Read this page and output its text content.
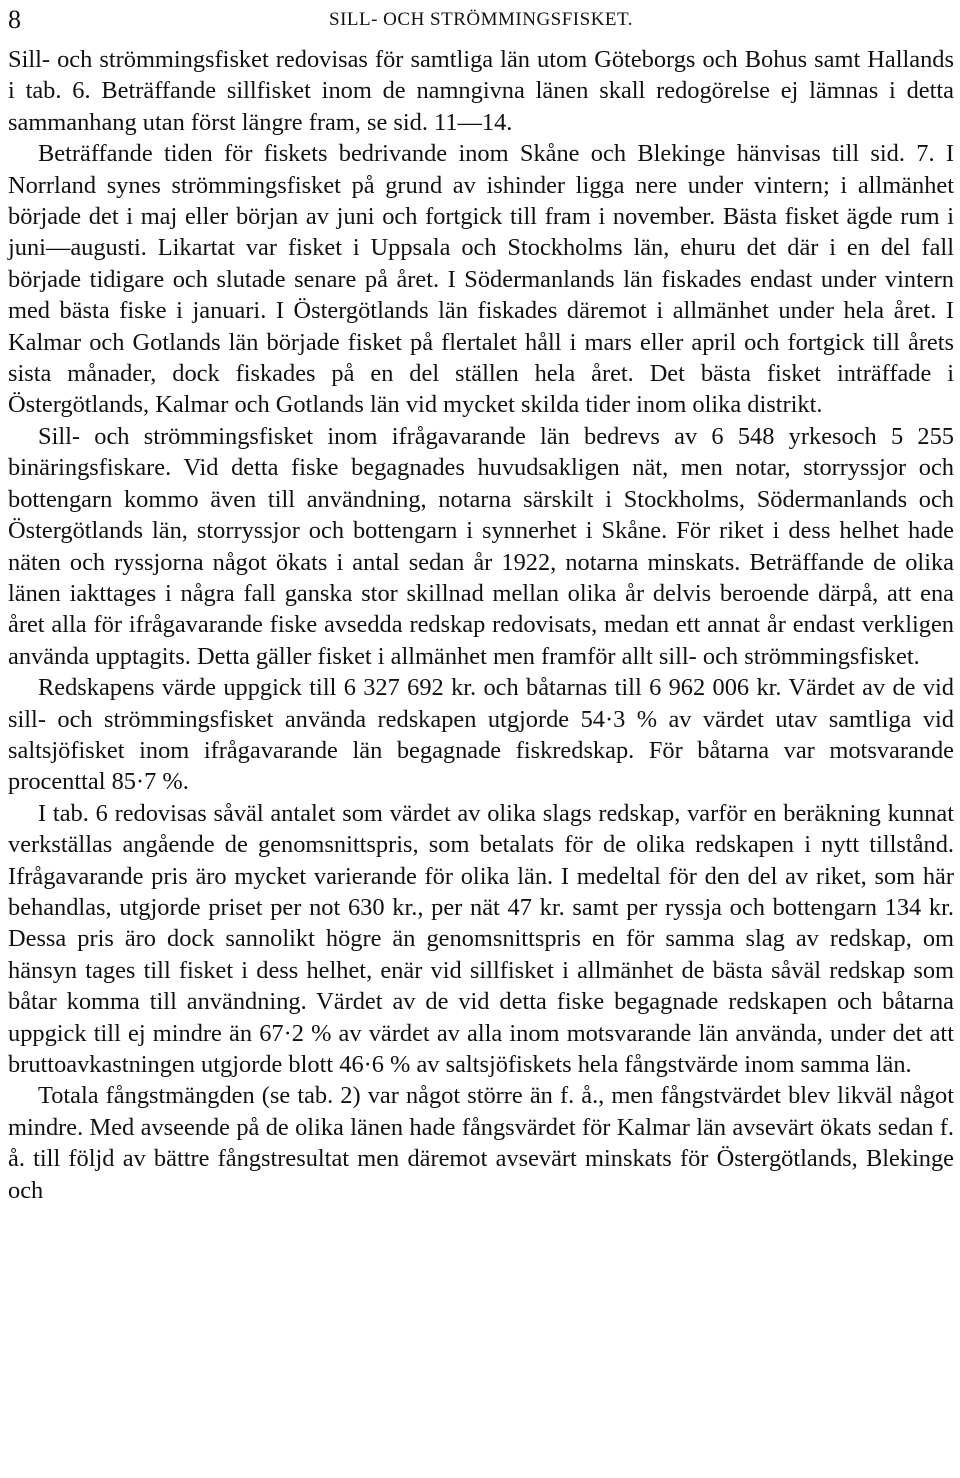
8	SILL- OCH STRÖMMINGSFISKET.

Sill- och strömmingsfisket redovisas för samtliga län utom Göteborgs och Bohus samt Hallands i tab. 6. Beträffande sillfisket inom de namngivna länen skall redogörelse ej lämnas i detta sammanhang utan först längre fram, se sid. 11—14.

Beträffande tiden för fiskets bedrivande inom Skåne och Blekinge hänvisas till sid. 7. I Norrland synes strömmingsfisket på grund av ishinder ligga nere under vintern; i allmänhet började det i maj eller början av juni och fortgick till fram i november. Bästa fisket ägde rum i juni—augusti. Likartat var fisket i Uppsala och Stockholms län, ehuru det där i en del fall började tidigare och slutade senare på året. I Södermanlands län fiskades endast under vintern med bästa fiske i januari. I Östergötlands län fiskades däremot i allmänhet under hela året. I Kalmar och Gotlands län började fisket på flertalet håll i mars eller april och fortgick till årets sista månader, dock fiskades på en del ställen hela året. Det bästa fisket inträffade i Östergötlands, Kalmar och Gotlands län vid mycket skilda tider inom olika distrikt.

Sill- och strömmingsfisket inom ifrågavarande län bedrevs av 6 548 yrkesoch 5 255 binäringsfiskare. Vid detta fiske begagnades huvudsakligen nät, men notar, storryssjor och bottengarn kommo även till användning, notarna särskilt i Stockholms, Södermanlands och Östergötlands län, storryssjor och bottengarn i synnerhet i Skåne. För riket i dess helhet hade näten och ryssjorna något ökats i antal sedan år 1922, notarna minskats. Beträffande de olika länen iakttages i några fall ganska stor skillnad mellan olika år delvis beroende därpå, att ena året alla för ifrågavarande fiske avsedda redskap redovisats, medan ett annat år endast verkligen använda upptagits. Detta gäller fisket i allmänhet men framför allt sill- och strömmingsfisket.

Redskapens värde uppgick till 6 327 692 kr. och båtarnas till 6 962 006 kr. Värdet av de vid sill- och strömmingsfisket använda redskapen utgjorde 54·3 % av värdet utav samtliga vid saltsjöfisket inom ifrågavarande län begagnade fiskredskap. För båtarna var motsvarande procenttal 85·7 %.

I tab. 6 redovisas såväl antalet som värdet av olika slags redskap, varför en beräkning kunnat verkställas angående de genomsnittspris, som betalats för de olika redskapen i nytt tillstånd. Ifrågavarande pris äro mycket varierande för olika län. I medeltal för den del av riket, som här behandlas, utgjorde priset per not 630 kr., per nät 47 kr. samt per ryssja och bottengarn 134 kr. Dessa pris äro dock sannolikt högre än genomsnittspris en för samma slag av redskap, om hänsyn tages till fisket i dess helhet, enär vid sillfisket i allmänhet de bästa såväl redskap som båtar komma till användning. Värdet av de vid detta fiske begagnade redskapen och båtarna uppgick till ej mindre än 67·2 % av värdet av alla inom motsvarande län använda, under det att bruttoavkastningen utgjorde blott 46·6 % av saltsjöfiskets hela fångstvärde inom samma län.

Totala fångstmängden (se tab. 2) var något större än f. å., men fångstvärdet blev likväl något mindre. Med avseende på de olika länen hade fångsvärdet för Kalmar län avsevärt ökats sedan f. å. till följd av bättre fångstresultat men däremot avsevärt minskats för Östergötlands, Blekinge och
